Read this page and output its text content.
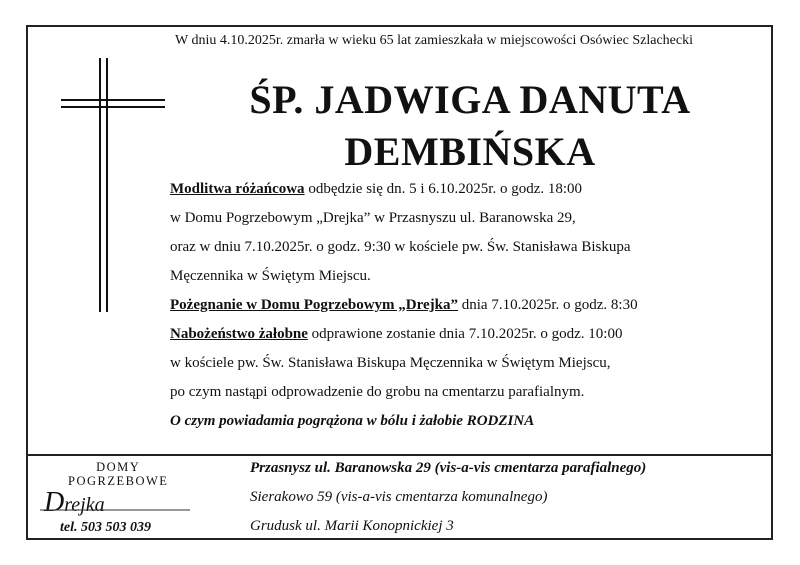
W dniu 4.10.2025r. zmarła w wieku 65 lat zamieszkała w miejscowości Osówiec Szlachecki
ŚP. JADWIGA DANUTA
DEMBIŃSKA
Modlitwa różańcowa odbędzie się dn. 5 i 6.10.2025r. o godz. 18:00
w Domu Pogrzebowym „Drejka” w Przasnyszu ul. Baranowska 29,
oraz w dniu 7.10.2025r. o godz. 9:30 w kościele pw. Św. Stanisława Biskupa
Męczennika w Świętym Miejscu.
Pożegnanie w Domu Pogrzebowym „Drejka” dnia 7.10.2025r. o godz. 8:30
Nabożeństwo żałobne odprawione zostanie dnia 7.10.2025r. o godz. 10:00
w kościele pw. Św. Stanisława Biskupa Męczennika w Świętym Miejscu,
po czym nastąpi odprowadzenie do grobu na cmentarzu parafialnym.
O czym powiadamia pogrążona w bólu i żałobie RODZINA
DOMY
POGRZEBOWE
Drejka
tel. 503 503 039
Przasnysz ul. Baranowska 29 (vis-a-vis cmentarza parafialnego)
Sierakowo 59 (vis-a-vis cmentarza komunalnego)
Grudusk ul. Marii Konopnickiej 3
